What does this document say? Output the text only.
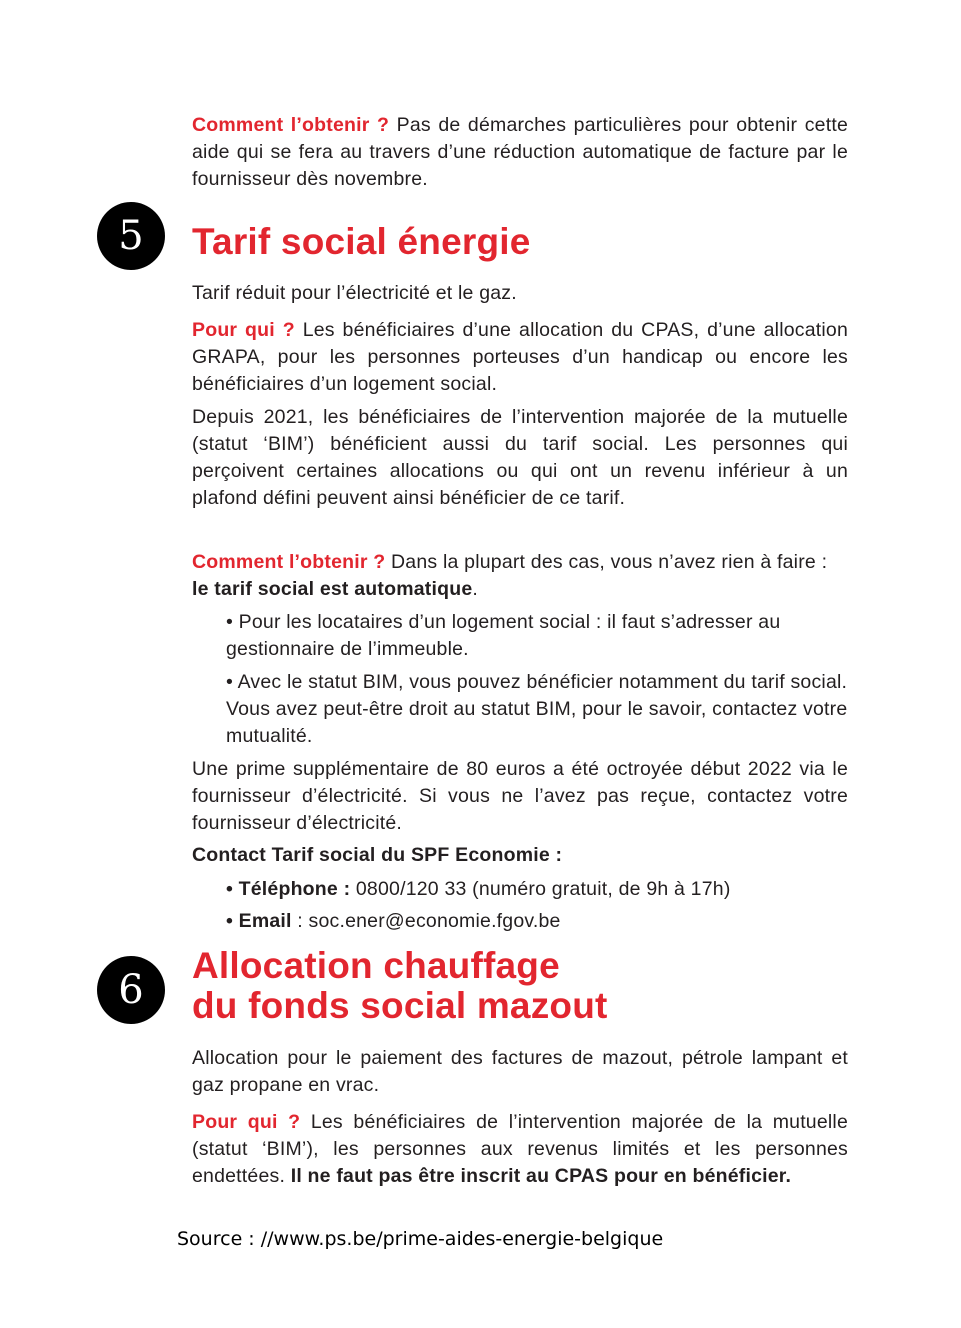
Comment l’obtenir ? Pas de démarches particulières pour obtenir cette aide qui se fera au travers d’une réduction automatique de facture par le fournisseur dès novembre.

5	Tarif social énergie

Tarif réduit pour l’électricité et le gaz.

Pour qui ? Les bénéficiaires d’une allocation du CPAS, d’une allocation GRAPA, pour les personnes porteuses d’un handicap ou encore les bénéficiaires d’un logement social.

Depuis 2021, les bénéficiaires de l’intervention majorée de la mutuelle (statut ‘BIM’) bénéficient aussi du tarif social. Les personnes qui perçoivent certaines allocations ou qui ont un revenu inférieur à un plafond défini peuvent ainsi bénéficier de ce tarif.

Comment l’obtenir ? Dans la plupart des cas, vous n’avez rien à faire : le tarif social est automatique.

• Pour les locataires d’un logement social : il faut s’adresser au gestionnaire de l’immeuble.
• Avec le statut BIM, vous pouvez bénéficier notamment du tarif social. Vous avez peut-être droit au statut BIM, pour le savoir, contactez votre mutualité.

Une prime supplémentaire de 80 euros a été octroyée début 2022 via le fournisseur d’électricité. Si vous ne l’avez pas reçue, contactez votre fournisseur d’électricité.

Contact Tarif social du SPF Economie :

• Téléphone : 0800/120 33 (numéro gratuit, de 9h à 17h)
• Email : soc.ener@economie.fgov.be
6
Allocation chauffage
du fonds social mazout

Allocation pour le paiement des factures de mazout, pétrole lampant et gaz propane en vrac.

Pour qui ? Les bénéficiaires de l’intervention majorée de la mutuelle (statut ‘BIM’), les personnes aux revenus limités et les personnes endettées. Il ne faut pas être inscrit au CPAS pour en bénéficier.

Source : //www.ps.be/prime-aides-energie-belgique
